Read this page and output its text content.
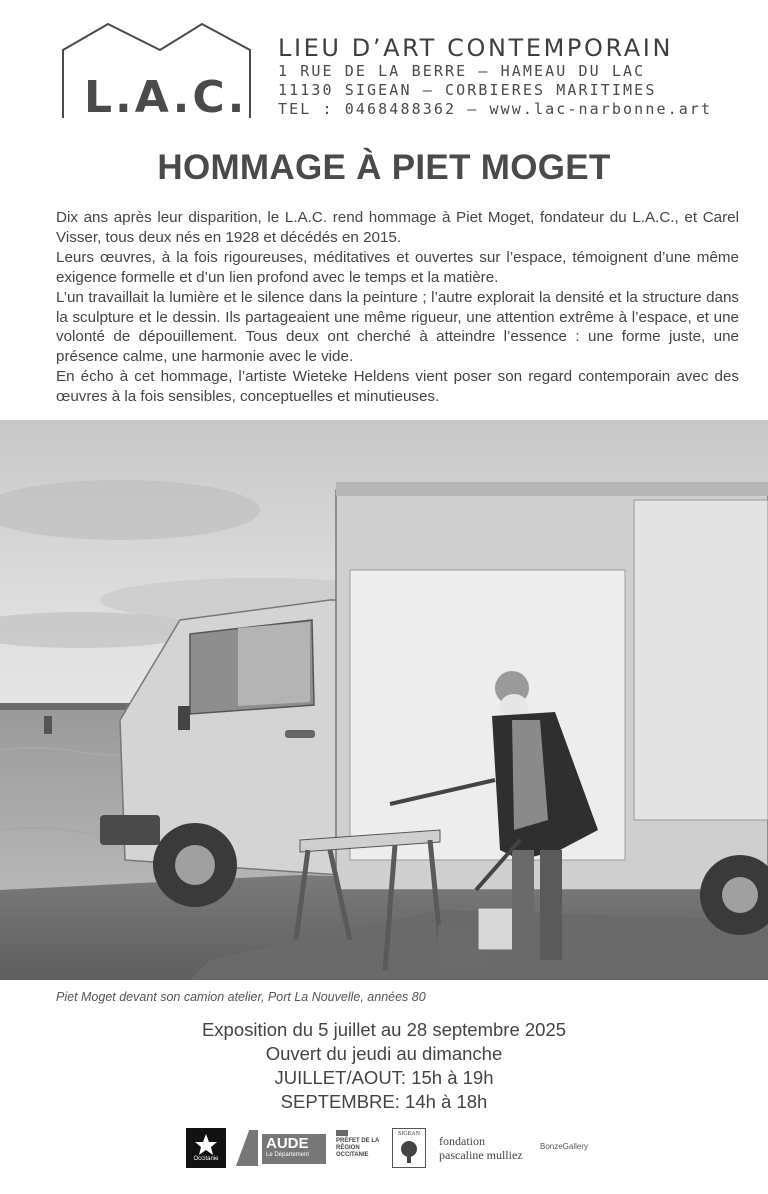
L.A.C.
LIEU D’ART CONTEMPORAIN
1 RUE DE LA BERRE – HAMEAU DU LAC
11130 SIGEAN – CORBIERES MARITIMES
TEL : 0468488362 – www.lac-narbonne.art
HOMMAGE À PIET MOGET

Dix ans après leur disparition, le L.A.C. rend hommage à Piet Moget, fondateur du L.A.C., et Carel Visser, tous deux nés en 1928 et décédés en 2015.

Leurs œuvres, à la fois rigoureuses, méditatives et ouvertes sur l’espace, témoignent d’une même exigence formelle et d’un lien profond avec le temps et la matière.

L’un travaillait la lumière et le silence dans la peinture ; l’autre explorait la densité et la structure dans la sculpture et le dessin. Ils partageaient une même rigueur, une attention extrême à l’espace, et une volonté de dépouillement. Tous deux ont cherché à atteindre l’essence : une forme juste, une présence calme, une harmonie avec le vide.

En écho à cet hommage, l’artiste Wieteke Heldens vient poser son regard contemporain avec des œuvres à la fois sensibles, conceptuelles et minutieuses.

Piet Moget devant son camion atelier, Port La Nouvelle, années 80
Exposition du 5 juillet au 28 septembre 2025
Ouvert du jeudi au dimanche
JUILLET/AOUT: 15h à 19h
SEPTEMBRE: 14h à 18h
Occitanie
AUDE
Le Département
PRÉFET DE LA RÉGION OCCITANIE
SIGEAN	fondation
pascaline mulliez
BonzeGallery
